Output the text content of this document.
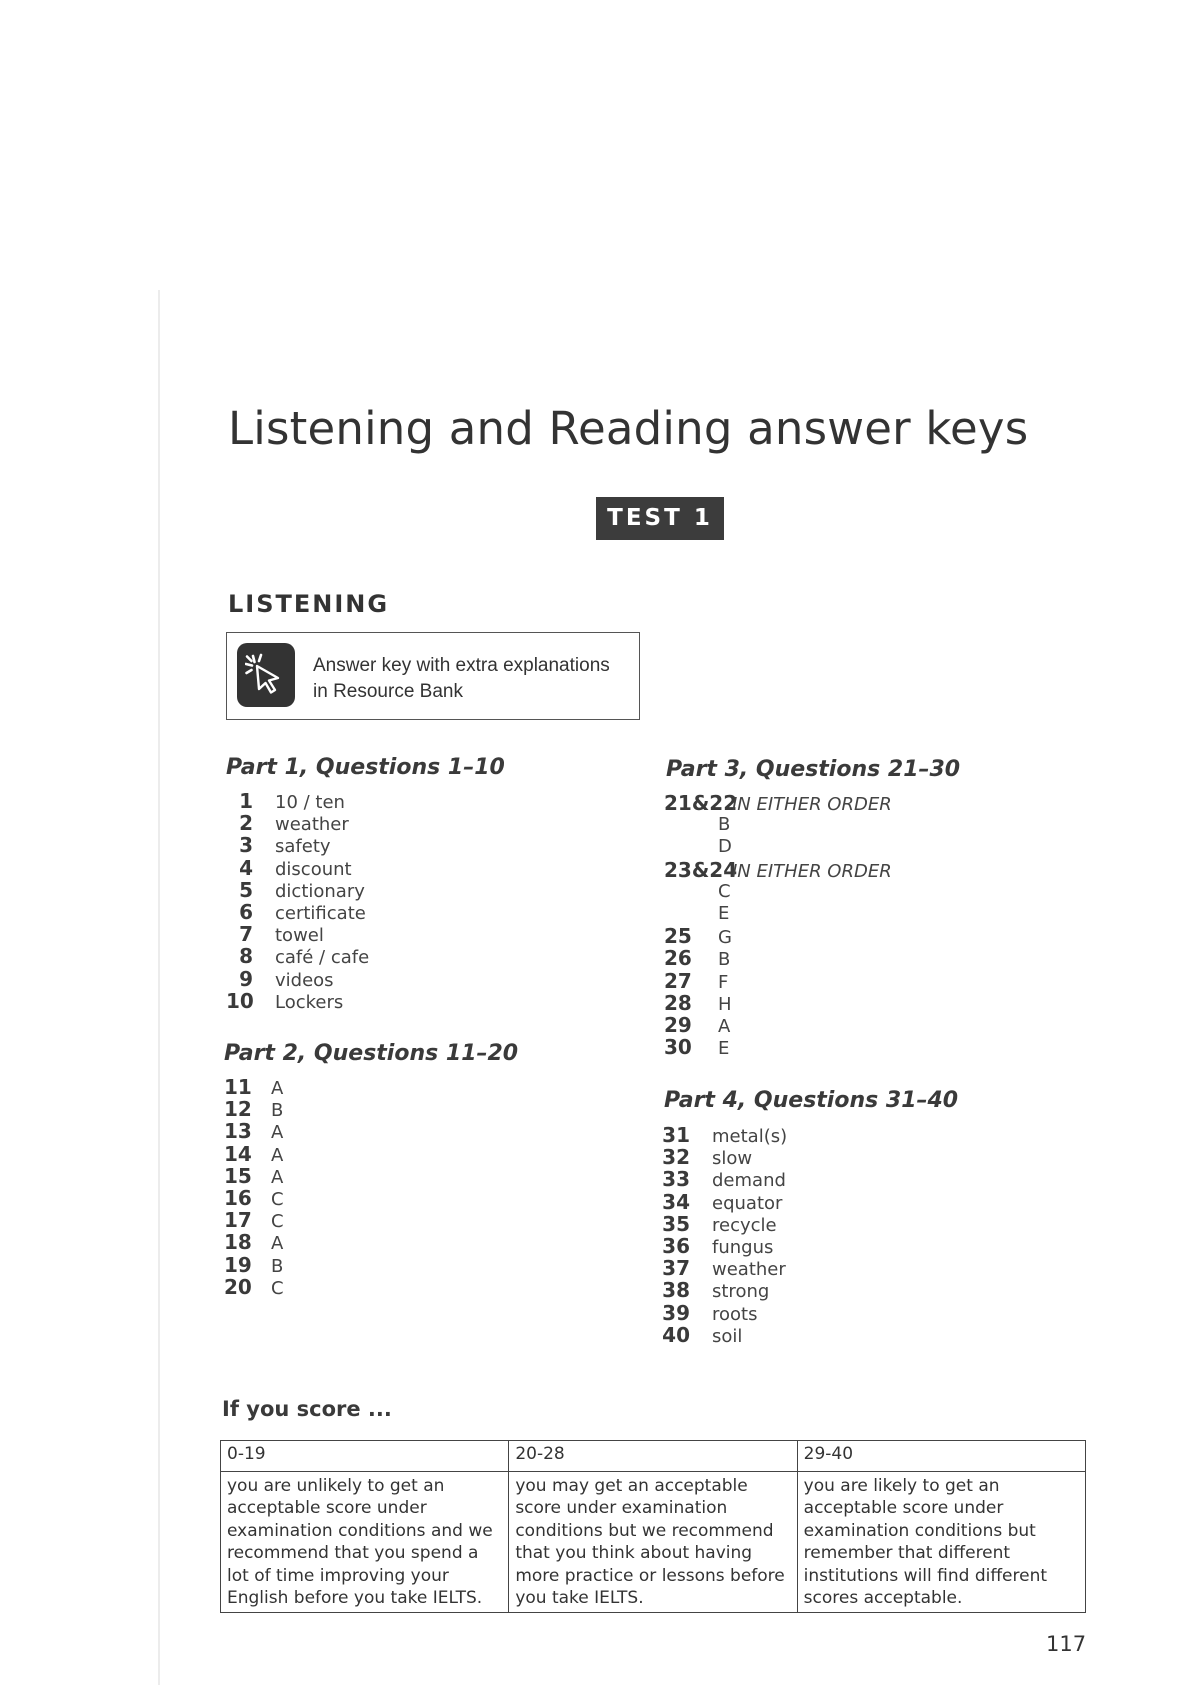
Listening and Reading answer keys
TEST 1
LISTENING
Answer key with extra explanations
in Resource Bank
Part 1, Questions 1–10
1 10 / ten
2 weather
3 safety
4 discount
5 dictionary
6 certificate
7 towel
8 café / cafe
9 videos
10 Lockers
Part 2, Questions 11–20
11 A
12 B
13 A
14 A
15 A
16 C
17 C
18 A
19 B
20 C
Part 3, Questions 21–30
21&22IN EITHER ORDER
B
D
23&24IN EITHER ORDER
C
E
25 G
26 B
27 F
28 H
29 A
30 E
Part 4, Questions 31–40
31 metal(s)
32 slow
33 demand
34 equator
35 recycle
36 fungus
37 weather
38 strong
39 roots
40 soil
If you score ...
0-19	20-28	29-40
you are unlikely to get an acceptable score under examination conditions and we recommend that you spend a lot of time improving your English before you take IELTS.	you may get an acceptable score under examination conditions but we recommend that you think about having more practice or lessons before you take IELTS.	you are likely to get an acceptable score under examination conditions but remember that different institutions will find different scores acceptable.
117
